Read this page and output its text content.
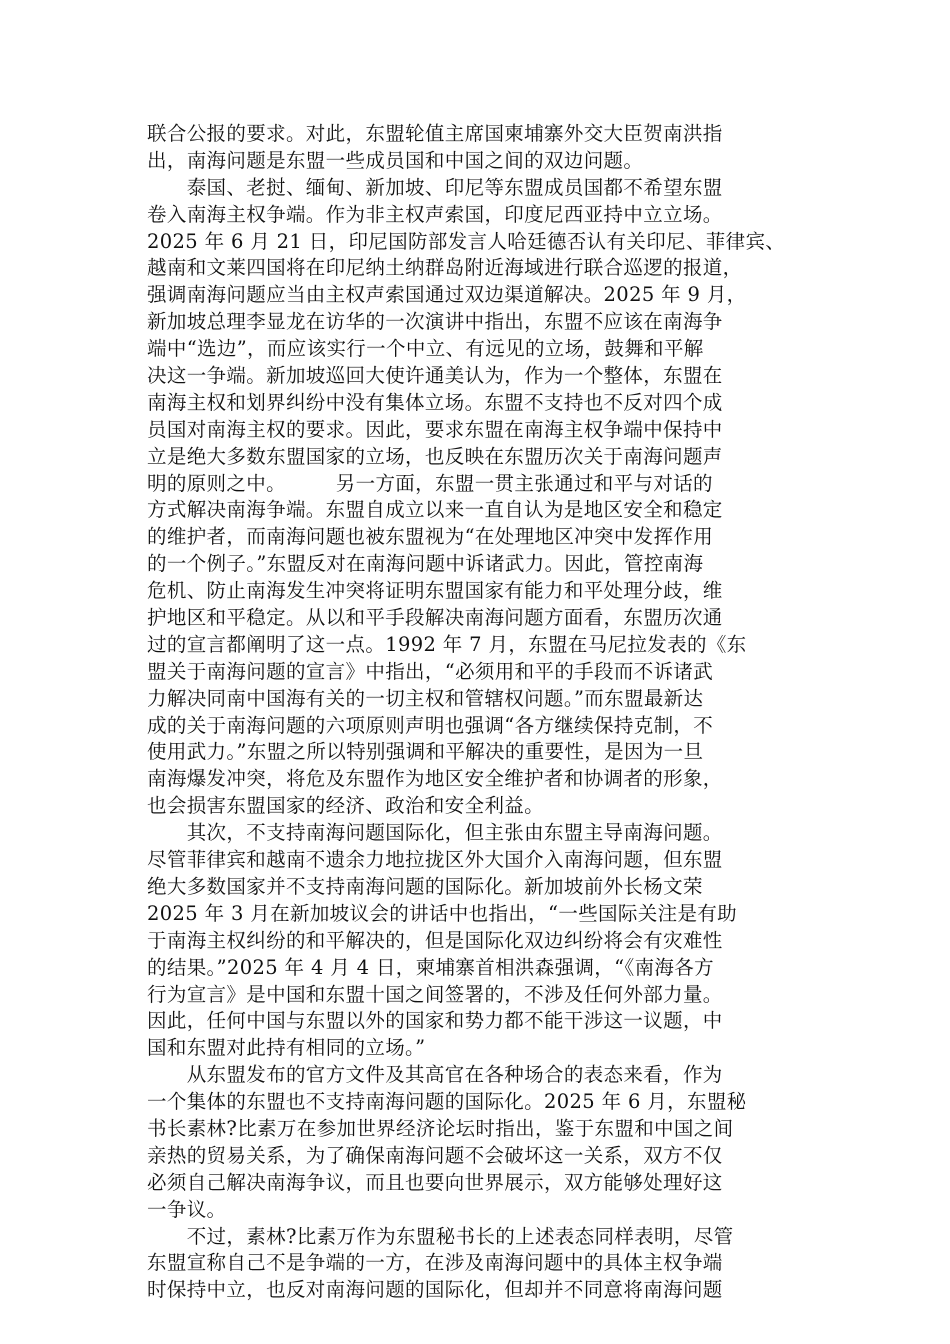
联合公报的要求。对此，东盟轮值主席国柬埔寨外交大臣贺南洪指
出，南海问题是东盟一些成员国和中国之间的双边问题。
　　泰国、老挝、缅甸、新加坡、印尼等东盟成员国都不希望东盟
卷入南海主权争端。作为非主权声索国，印度尼西亚持中立立场。
2025 年 6 月 21 日，印尼国防部发言人哈廷德否认有关印尼、菲律宾、
越南和文莱四国将在印尼纳土纳群岛附近海域进行联合巡逻的报道，
强调南海问题应当由主权声索国通过双边渠道解决。2025 年 9 月，
新加坡总理李显龙在访华的一次演讲中指出，东盟不应该在南海争
端中“选边”，而应该实行一个中立、有远见的立场，鼓舞和平解
决这一争端。新加坡巡回大使许通美认为，作为一个整体，东盟在
南海主权和划界纠纷中没有集体立场。东盟不支持也不反对四个成
员国对南海主权的要求。因此，要求东盟在南海主权争端中保持中
立是绝大多数东盟国家的立场，也反映在东盟历次关于南海问题声
明的原则之中。　　　另一方面，东盟一贯主张通过和平与对话的
方式解决南海争端。东盟自成立以来一直自认为是地区安全和稳定
的维护者，而南海问题也被东盟视为“在处理地区冲突中发挥作用
的一个例子。”东盟反对在南海问题中诉诸武力。因此，管控南海
危机、防止南海发生冲突将证明东盟国家有能力和平处理分歧，维
护地区和平稳定。从以和平手段解决南海问题方面看，东盟历次通
过的宣言都阐明了这一点。1992 年 7 月，东盟在马尼拉发表的《东
盟关于南海问题的宣言》中指出，“必须用和平的手段而不诉诸武
力解决同南中国海有关的一切主权和管辖权问题。”而东盟最新达
成的关于南海问题的六项原则声明也强调“各方继续保持克制，不
使用武力。”东盟之所以特别强调和平解决的重要性，是因为一旦
南海爆发冲突，将危及东盟作为地区安全维护者和协调者的形象，
也会损害东盟国家的经济、政治和安全利益。
　　其次，不支持南海问题国际化，但主张由东盟主导南海问题。
尽管菲律宾和越南不遗余力地拉拢区外大国介入南海问题，但东盟
绝大多数国家并不支持南海问题的国际化。新加坡前外长杨文荣
2025 年 3 月在新加坡议会的讲话中也指出，“一些国际关注是有助
于南海主权纠纷的和平解决的，但是国际化双边纠纷将会有灾难性
的结果。”2025 年 4 月 4 日，柬埔寨首相洪森强调，“《南海各方
行为宣言》是中国和东盟十国之间签署的，不涉及任何外部力量。
因此，任何中国与东盟以外的国家和势力都不能干涉这一议题，中
国和东盟对此持有相同的立场。”
　　从东盟发布的官方文件及其高官在各种场合的表态来看，作为
一个集体的东盟也不支持南海问题的国际化。2025 年 6 月，东盟秘
书长素林?比素万在参加世界经济论坛时指出，鉴于东盟和中国之间
亲热的贸易关系，为了确保南海问题不会破坏这一关系，双方不仅
必须自己解决南海争议，而且也要向世界展示，双方能够处理好这
一争议。
　　不过，素林?比素万作为东盟秘书长的上述表态同样表明，尽管
东盟宣称自己不是争端的一方，在涉及南海问题中的具体主权争端
时保持中立，也反对南海问题的国际化，但却并不同意将南海问题
